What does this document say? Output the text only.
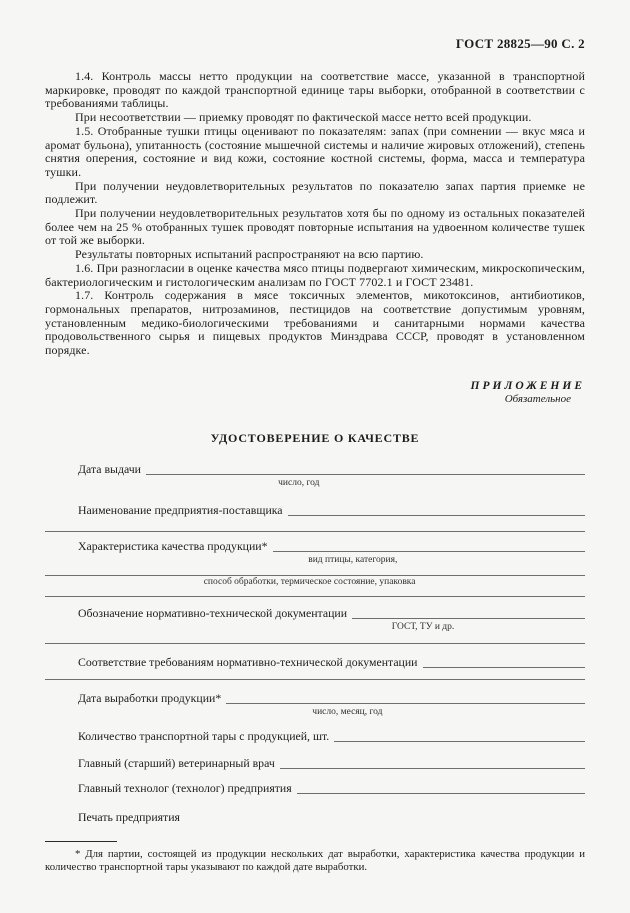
ГОСТ 28825—90 С. 2

1.4. Контроль массы нетто продукции на соответствие массе, указанной в транспортной маркировке, проводят по каждой транспортной единице тары выборки, отобранной в соответствии с требованиями таблицы.

При несоответствии — приемку проводят по фактической массе нетто всей продукции.

1.5. Отобранные тушки птицы оценивают по показателям: запах (при сомнении — вкус мяса и аромат бульона), упитанность (состояние мышечной системы и наличие жировых отложений), степень снятия оперения, состояние и вид кожи, состояние костной системы, форма, масса и температура тушки.

При получении неудовлетворительных результатов по показателю запах партия приемке не подлежит.

При получении неудовлетворительных результатов хотя бы по одному из остальных показателей более чем на 25 % отобранных тушек проводят повторные испытания на удвоенном количестве тушек от той же выборки.

Результаты повторных испытаний распространяют на всю партию.

1.6. При разногласии в оценке качества мясо птицы подвергают химическим, микроскопическим, бактериологическим и гистологическим анализам по ГОСТ 7702.1 и ГОСТ 23481.

1.7. Контроль содержания в мясе токсичных элементов, микотоксинов, антибиотиков, гормональных препаратов, нитрозаминов, пестицидов на соответствие допустимым уровням, установленным медико-биологическими требованиями и санитарными нормами качества продовольственного сырья и пищевых продуктов Минздрава СССР, проводят в установленном порядке.

ПРИЛОЖЕНИЕ
Обязательное
УДОСТОВЕРЕНИЕ О КАЧЕСТВЕ
Дата выдачи
число, год
Наименование предприятия-поставщика
Характеристика качества продукции*
вид птицы, категория,
способ обработки, термическое состояние, упаковка
Обозначение нормативно-технической документации
ГОСТ, ТУ и др.
Соответствие требованиям нормативно-технической документации
Дата выработки продукции*
число, месяц, год
Количество транспортной тары с продукцией, шт.
Главный (старший) ветеринарный врач
Главный технолог (технолог) предприятия
Печать предприятия

* Для партии, состоящей из продукции нескольких дат выработки, характеристика качества продукции и количество транспортной тары указывают по каждой дате выработки.
